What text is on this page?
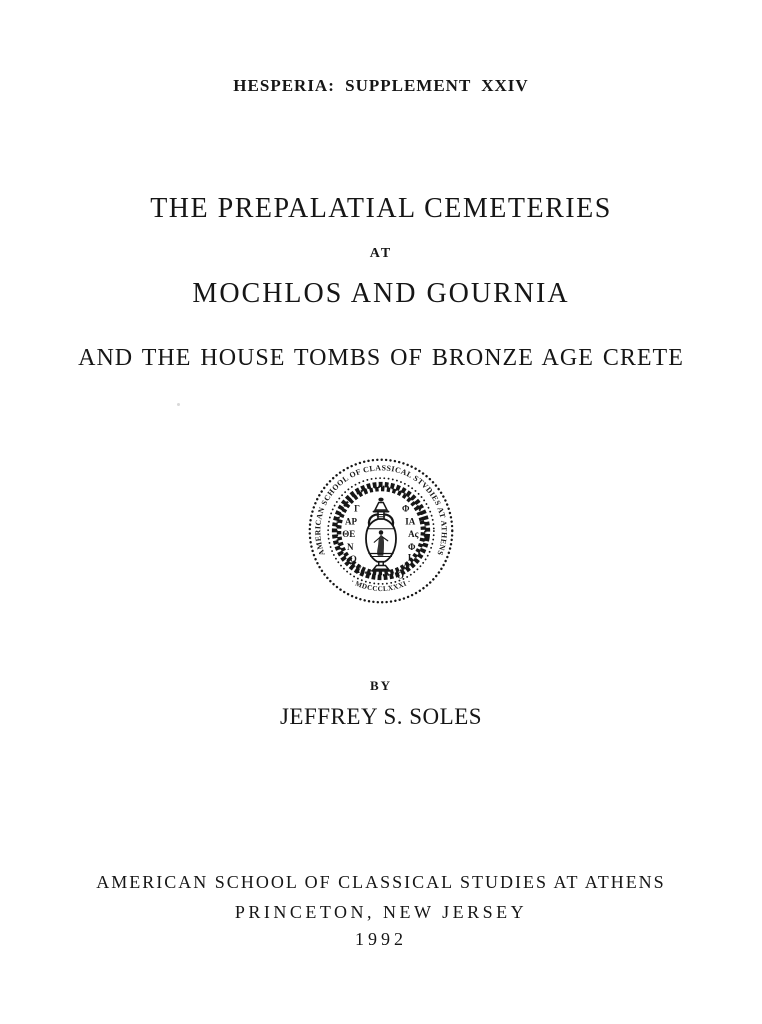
HESPERIA: SUPPLEMENT XXIV
THE PREPALATIAL CEMETERIES
AT
MOCHLOS AND GOURNIA
AND THE HOUSE TOMBS OF BRONZE AGE CRETE
AMERICAN SCHOOL OF CLASSICAL STVDIES AT ATHENS
· MDCCCLXXXI ·
Γ
ΑΡ
ΘΕ
Ν
Ο
Υ
Φ
ΙΑ
Ας
Φ
Ι
Λ
Ο
BY
JEFFREY S. SOLES
AMERICAN SCHOOL OF CLASSICAL STUDIES AT ATHENS
PRINCETON, NEW JERSEY
1992
